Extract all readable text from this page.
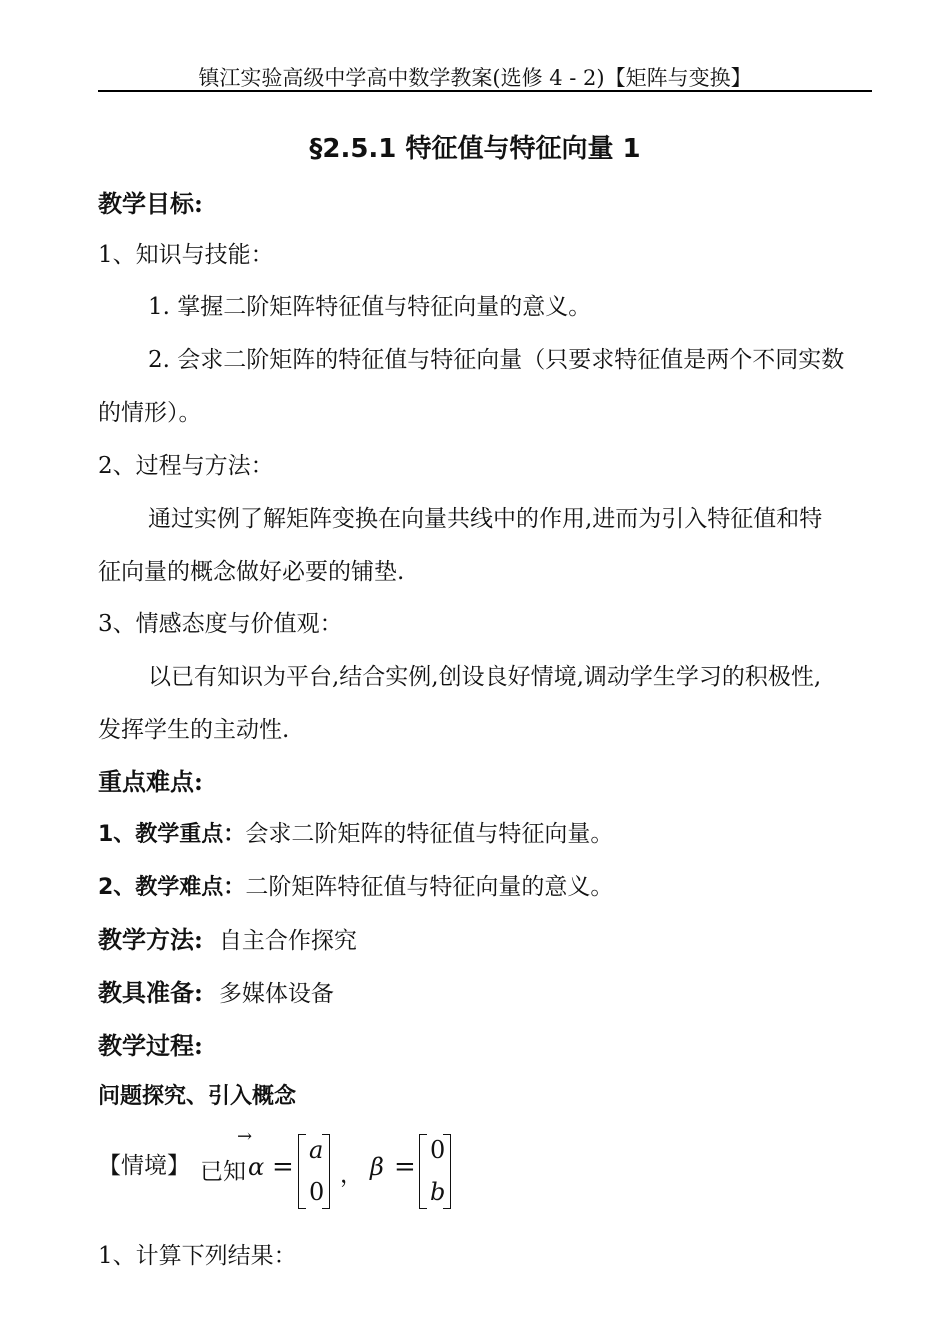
镇江实验高级中学高中数学教案(选修 4 - 2)【矩阵与变换】
§2.5.1 特征值与特征向量 1
教学目标:
1、知识与技能：
1. 掌握二阶矩阵特征值与特征向量的意义。
2. 会求二阶矩阵的特征值与特征向量（只要求特征值是两个不同实数
的情形）。
2、过程与方法：
通过实例了解矩阵变换在向量共线中的作用,进而为引入特征值和特
征向量的概念做好必要的铺垫.
3、情感态度与价值观：
以已有知识为平台,结合实例,创设良好情境,调动学生学习的积极性,
发挥学生的主动性.
重点难点:
1、教学重点：会求二阶矩阵的特征值与特征向量。
2、教学难点：二阶矩阵特征值与特征向量的意义。
教学方法: 自主合作探究
教具准备: 多媒体设备
教学过程:
问题探究、引入概念
【情境】 已知
→
α =
a
0
， β =
0
b
1、计算下列结果：
